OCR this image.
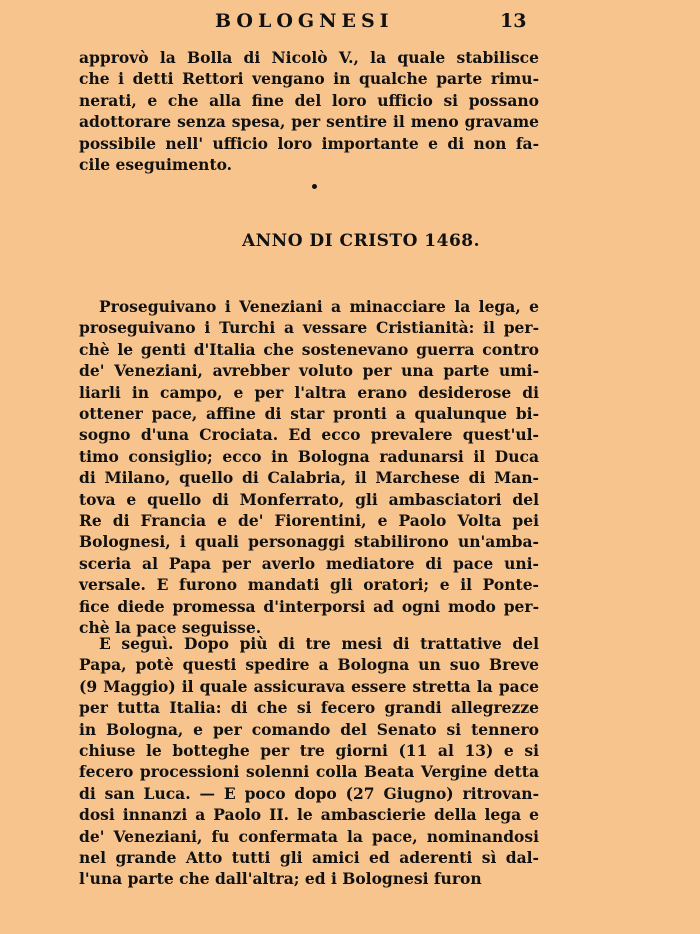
BOLOGNESI	13
approvò la Bolla di Nicolò V., la quale stabilisce
che i detti Rettori vengano in qualche parte rimu-
nerati, e che alla fine del loro ufficio si possano
adottorare senza spesa, per sentire il meno gravame
possibile nell' ufficio loro importante e di non fa-
cile eseguimento.
Proseguivano i Veneziani a minacciare la lega, e
proseguivano i Turchi a vessare Cristianità: il per-
chè le genti d'Italia che sostenevano guerra contro
de' Veneziani, avrebber voluto per una parte umi-
liarli in campo, e per l'altra erano desiderose di
ottener pace, affine di star pronti a qualunque bi-
sogno d'una Crociata. Ed ecco prevalere quest'ul-
timo consiglio; ecco in Bologna radunarsi il Duca
di Milano, quello di Calabria, il Marchese di Man-
tova e quello di Monferrato, gli ambasciatori del
Re di Francia e de' Fiorentini, e Paolo Volta pei
Bolognesi, i quali personaggi stabilirono un'amba-
sceria al Papa per averlo mediatore di pace uni-
versale. E furono mandati gli oratori; e il Ponte-
fice diede promessa d'interporsi ad ogni modo per-
chè la pace seguisse.
E seguì. Dopo più di tre mesi di trattative del
Papa, potè questi spedire a Bologna un suo Breve
(9 Maggio) il quale assicurava essere stretta la pace
per tutta Italia: di che si fecero grandi allegrezze
in Bologna, e per comando del Senato si tennero
chiuse le botteghe per tre giorni (11 al 13) e si
fecero processioni solenni colla Beata Vergine detta
di san Luca. — E poco dopo (27 Giugno) ritrovan-
dosi innanzi a Paolo II. le ambascierie della lega e
de' Veneziani, fu confermata la pace, nominandosi
nel grande Atto tutti gli amici ed aderenti sì dal-
l'una parte che dall'altra; ed i Bolognesi furon
ANNO DI CRISTO 1468.
